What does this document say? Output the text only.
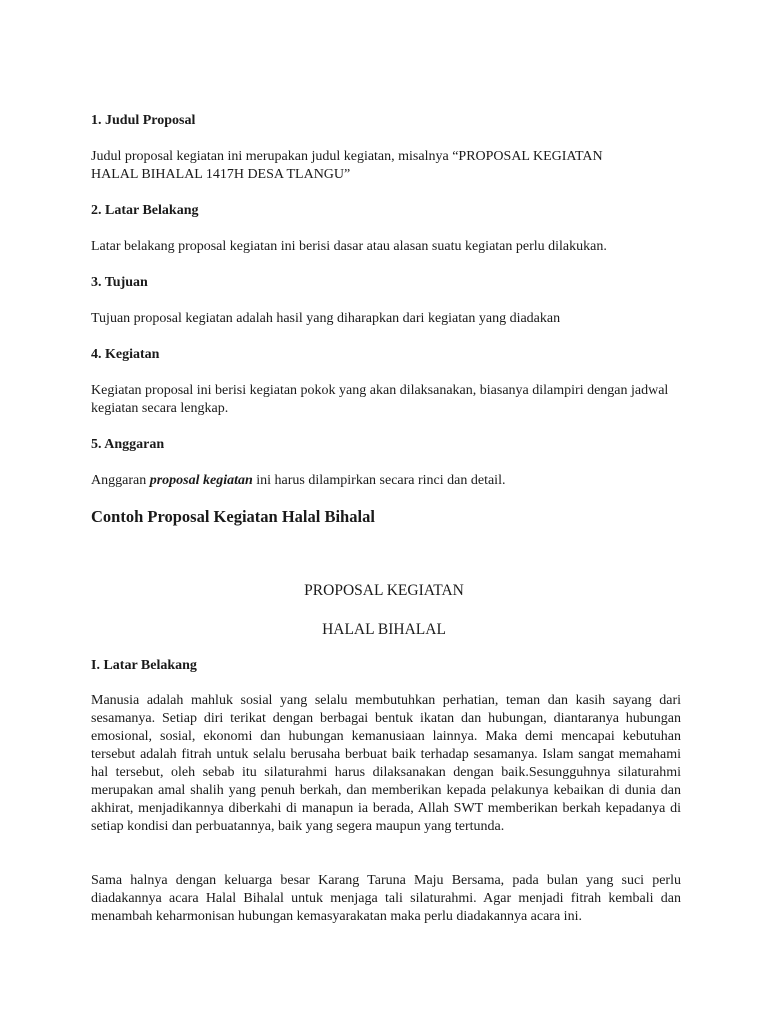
1. Judul Proposal

Judul proposal kegiatan ini merupakan judul kegiatan, misalnya “PROPOSAL KEGIATAN HALAL BIHALAL 1417H DESA TLANGU”

2. Latar Belakang

Latar belakang proposal kegiatan ini berisi dasar atau alasan suatu kegiatan perlu dilakukan.

3. Tujuan

Tujuan proposal kegiatan adalah hasil yang diharapkan dari kegiatan yang diadakan

4. Kegiatan

Kegiatan proposal ini berisi kegiatan pokok yang akan dilaksanakan, biasanya dilampiri dengan jadwal kegiatan secara lengkap.

5. Anggaran

Anggaran proposal kegiatan ini harus dilampirkan secara rinci dan detail.

Contoh Proposal Kegiatan Halal Bihalal

PROPOSAL KEGIATAN

HALAL BIHALAL

I. Latar Belakang

Manusia adalah mahluk sosial yang selalu membutuhkan perhatian, teman dan kasih sayang dari sesamanya. Setiap diri terikat dengan berbagai bentuk ikatan dan hubungan, diantaranya hubungan emosional, sosial, ekonomi dan hubungan kemanusiaan lainnya. Maka demi mencapai kebutuhan tersebut adalah fitrah untuk selalu berusaha berbuat baik terhadap sesamanya. Islam sangat memahami hal tersebut, oleh sebab itu silaturahmi harus dilaksanakan dengan baik.Sesungguhnya silaturahmi merupakan amal shalih yang penuh berkah, dan memberikan kepada pelakunya kebaikan di dunia dan akhirat, menjadikannya diberkahi di manapun ia berada, Allah SWT memberikan berkah kepadanya di setiap kondisi dan perbuatannya, baik yang segera maupun yang tertunda.

Sama halnya dengan keluarga besar Karang Taruna Maju Bersama, pada bulan yang suci perlu diadakannya acara Halal Bihalal untuk menjaga tali silaturahmi. Agar menjadi fitrah kembali dan menambah keharmonisan hubungan kemasyarakatan maka perlu diadakannya acara ini.
